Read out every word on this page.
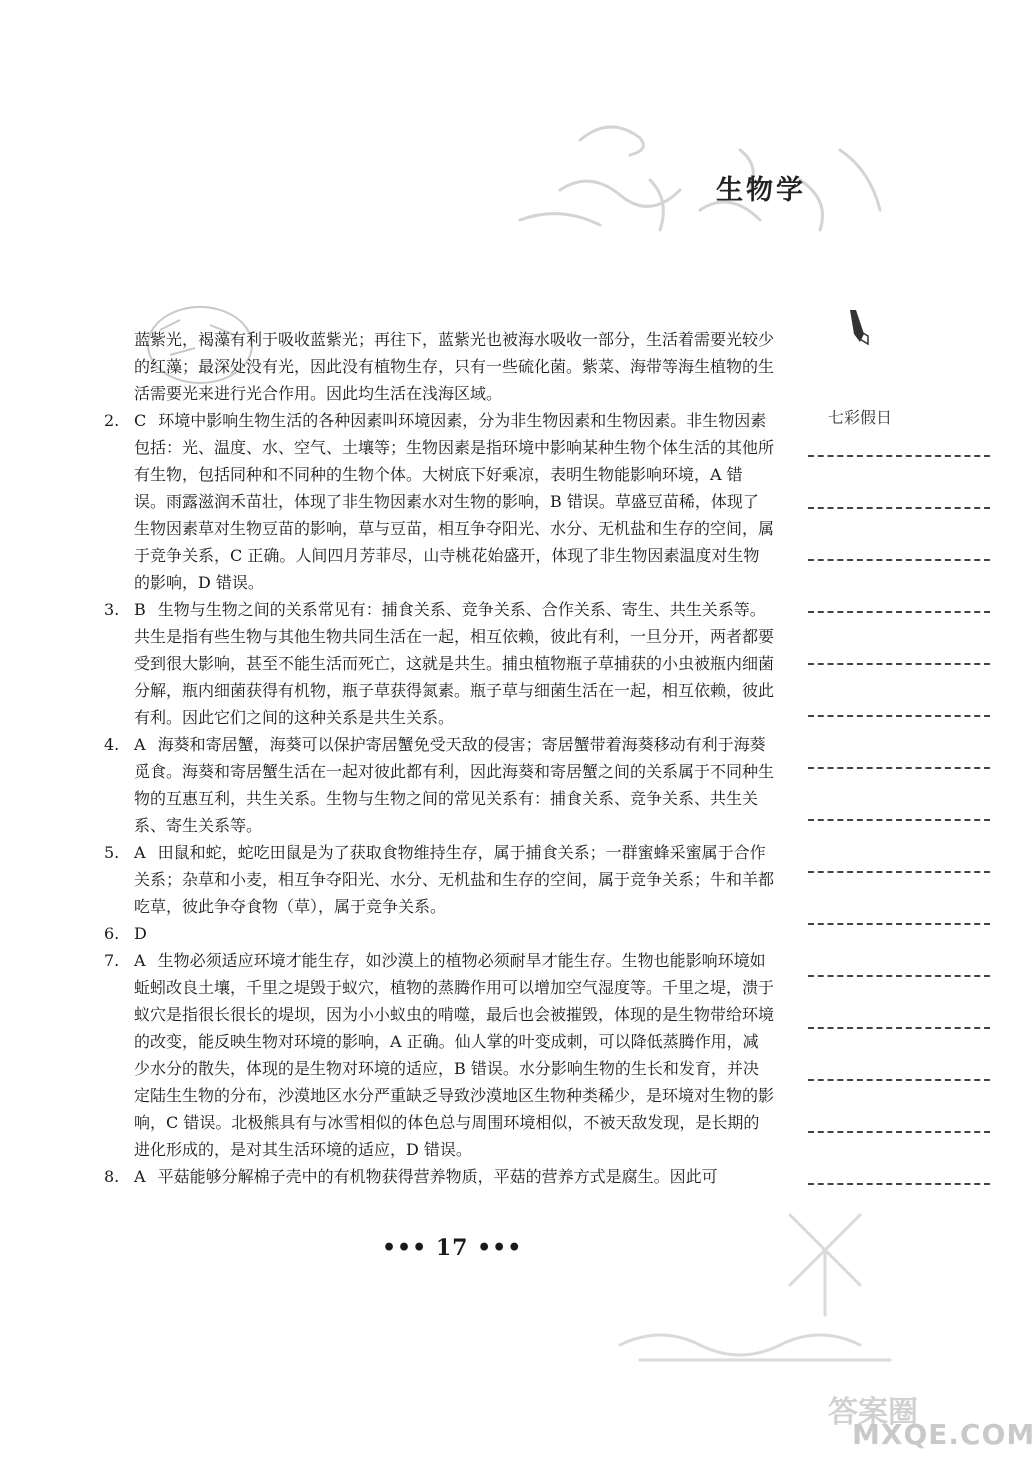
生物学

蓝紫光，褐藻有利于吸收蓝紫光；再往下，蓝紫光也被海水吸收一部分，生活着需要光较少的红藻；最深处没有光，因此没有植物生存，只有一些硫化菌。紫菜、海带等海生植物的生活需要光来进行光合作用。因此均生活在浅海区域。

2. C 环境中影响生物生活的各种因素叫环境因素，分为非生物因素和生物因素。非生物因素包括：光、温度、水、空气、土壤等；生物因素是指环境中影响某种生物个体生活的其他所有生物，包括同种和不同种的生物个体。大树底下好乘凉，表明生物能影响环境，A 错误。雨露滋润禾苗壮，体现了非生物因素水对生物的影响，B 错误。草盛豆苗稀，体现了生物因素草对生物豆苗的影响，草与豆苗，相互争夺阳光、水分、无机盐和生存的空间，属于竞争关系，C 正确。人间四月芳菲尽，山寺桃花始盛开，体现了非生物因素温度对生物的影响，D 错误。
3. B 生物与生物之间的关系常见有：捕食关系、竞争关系、合作关系、寄生、共生关系等。共生是指有些生物与其他生物共同生活在一起，相互依赖，彼此有利，一旦分开，两者都要受到很大影响，甚至不能生活而死亡，这就是共生。捕虫植物瓶子草捕获的小虫被瓶内细菌分解，瓶内细菌获得有机物，瓶子草获得氮素。瓶子草与细菌生活在一起，相互依赖，彼此有利。因此它们之间的这种关系是共生关系。
4. A 海葵和寄居蟹，海葵可以保护寄居蟹免受天敌的侵害；寄居蟹带着海葵移动有利于海葵觅食。海葵和寄居蟹生活在一起对彼此都有利，因此海葵和寄居蟹之间的关系属于不同种生物的互惠互利，共生关系。生物与生物之间的常见关系有：捕食关系、竞争关系、共生关系、寄生关系等。
5. A 田鼠和蛇，蛇吃田鼠是为了获取食物维持生存，属于捕食关系；一群蜜蜂采蜜属于合作关系；杂草和小麦，相互争夺阳光、水分、无机盐和生存的空间，属于竞争关系；牛和羊都吃草，彼此争夺食物（草），属于竞争关系。
6. D
7. A 生物必须适应环境才能生存，如沙漠上的植物必须耐旱才能生存。生物也能影响环境如蚯蚓改良土壤，千里之堤毁于蚁穴，植物的蒸腾作用可以增加空气湿度等。千里之堤，溃于蚁穴是指很长很长的堤坝，因为小小蚁虫的啃噬，最后也会被摧毁，体现的是生物带给环境的改变，能反映生物对环境的影响，A 正确。仙人掌的叶变成刺，可以降低蒸腾作用，减少水分的散失，体现的是生物对环境的适应，B 错误。水分影响生物的生长和发育，并决定陆生生物的分布，沙漠地区水分严重缺乏导致沙漠地区生物种类稀少，是环境对生物的影响，C 错误。北极熊具有与冰雪相似的体色总与周围环境相似，不被天敌发现，是长期的进化形成的，是对其生活环境的适应，D 错误。
8. A 平菇能够分解棉子壳中的有机物获得营养物质，平菇的营养方式是腐生。因此可
七彩假日
••• 17 •••
答案圈
MXQE.COM
